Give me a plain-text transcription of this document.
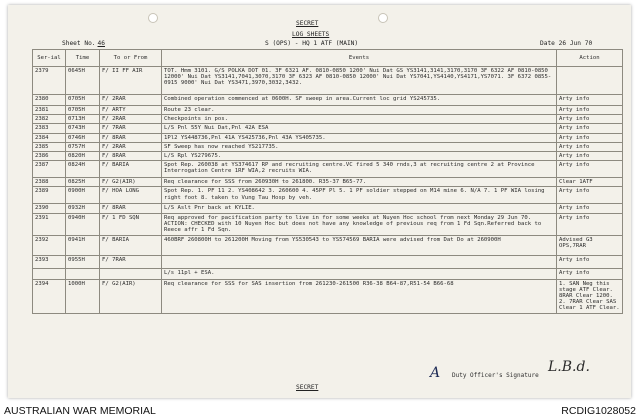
SECRET
LOG SHEETS
S (OPS) - HQ 1 ATF (MAIN)
Sheet No. 46	Date 26 Jun 70
Ser-ial	Time	To or From	Events	Action
2379	0645H	F/ II FF AIR	TOT. Hmm 3101. G/S POLKA DOT 01. 3F 6321 AF. 0810-0850 1200' Nui Dat GS YS3141,3141,3170,3170 3F 6322 AF 0810-0850 12000' Nui Dat YS3141,7041,3070,3170 3F 6323 AF 0810-0850 12000' Nui Dat YS7041,YS4140,YS4171,YS7071. 3F 6372 0855-0915 9000' Nui Dat YS3471,3970,3032,3432.	
2380	0705H	F/ 2RAR	Combined operation commenced at 0600H. SF sweep in area.Current loc grid YS245735.	Arty info
2381	0705H	F/ ARTY	Route 23 clear.	Arty info
2382	0713H	F/ 2RAR	Checkpoints in pos.	Arty info
2383	0743H	F/ 7RAR	L/S Pnl 55Y Nui Dat,Pnl 42A ESA	Arty info
2384	0746H	F/ 8RAR	1Pl2 YS448736,Pnl 41A YS425736,Pnl 43A YS405735.	Arty info
2385	0757H	F/ 2RAR	SF Sweep has now reached YS217735.	Arty info
2386	0820H	F/ 8RAR	L/S Rpl YS279675.	Arty info
2387	0824H	F/ BARIA	Spot Rep. 260038 at YS374617 RP and recruiting centre.VC fired 5 340 rnds,3 at recruiting centre 2 at Province Interrogation Centre 1RF WIA,2 recruits WIA.	Arty info
2388	0825H	F/ G2(AIR)	Req clearance for SSS from 260930H to 261800. R35-37 B65-77.	Clear 1ATF
2389	0900H	F/ HOA LONG	Spot Rep. 1. PF 11 2. YS408642 3. 260600 4. 45PF Pl 5. 1 PF soldier stepped on M14 mine 6. N/A 7. 1 PF WIA losing right foot 8. taken to Vung Tau Hosp by veh.	Arty info
2390	0932H	F/ 8RAR	L/S Aslt Pnr back at KYLIE.	Arty info
2391	0940H	F/ 1 FD SQN	Req approved for pacification party to live in for some weeks at Nuyen Hoc school from next Monday 29 Jun 70. ACTION: CHECKED with 10 Nuyen Hoc but does not have any knowledge of previous req from 1 Fd Sqn.Referred back to Reece affr 1 Fd Sqn.	Arty info
2392	0941H	F/ BARIA	460BRF 260800H to 261200H Moving from YS530543 to YS574569 BARIA were advised from Dat Do at 260900H	Advised G3 OPS,7RAR
2393	0955H	F/ 7RAR		Arty info
			L/s 11pl + ESA.	Arty info
2394	1000H	F/ G2(AIR)	Req clearance for SSS for SAS insertion from 261230-261500 R36-38 B64-87,R51-54 B66-68	1. SAN Neg this stage ATF Clear. 8RAR Clear 1200. 2. 7RAR Clear SAS Clear 1 ATF Clear.
SECRET
A Duty Officer's Signature
L.B.d.
AUSTRALIAN WAR MEMORIAL	RCDIG1028052
